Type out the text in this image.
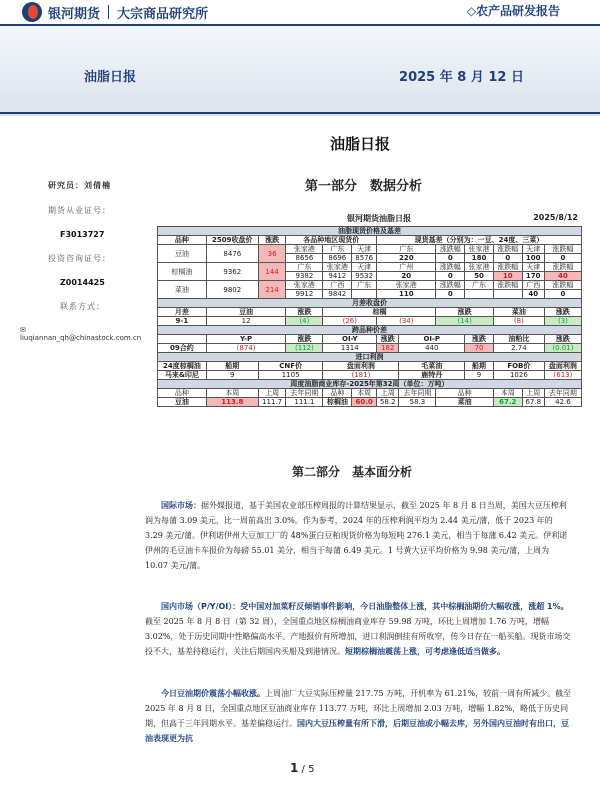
银河期货 大宗商品研究所	◇农产品研发报告
油脂日报	2025 年 8 月 12 日
油脂日报
第一部分　数据分析
研究员：刘倩楠
期货从业证号：
F3013727
投资咨询证号：
Z0014425
联系方式：
✉ liuqiannan_qh@chinastock.com.cn
银河期货油脂日报	2025/8/12
油脂现货价格及基差												
品种	2509收盘价	涨跌	各品种地区现货价			现货基差（分别为：一豆、24度、三菜）						
豆油	8476	36	张家港	广东	天津	广东		涨跌幅	张家港	涨跌幅	天津	涨跌幅
			8656	8696	8576	220		0	180	0	100	0
棕榈油	9362	144	广东	张家港	天津	广州		涨跌幅	张家港	涨跌幅	天津	涨跌幅
			9382	9412	9532	20		0	50	10	170	40
菜油	9802	214	张家港	广西	广东	张家港		涨跌幅	广东	涨跌幅	广西	涨跌幅
			9912	9842		110		0			40	0
月差收盘价												
月差	豆油		涨跌	棕榈				涨跌		菜油		涨跌
9-1	12		(4)	(26)		(34)		(14)		(8)		(3)
跨品种价差												
	Y-P		涨跌	OI-Y		涨跌	OI-P		涨跌	油粕比		涨跌
09合约	(874)		(112)	1314		182	440		70	2.74		(0.01)
进口利润												
24度棕榈油	船期	CNF价		盘面利润			毛菜油		船期	FOB价		盘面利润
马来&印尼	9	1105		(181)			鹿特丹		9	1026		(613)
周度油脂商业库存-2025年第32周（单位：万吨）												
品种	本周	上周	去年同期	品种	本周	上周	去年同期	品种		本周	上周	去年同期
豆油	113.8	111.7	111.1	棕榈油	60.0	58.2	58.3	菜油		67.2	67.8	42.6
第二部分　基本面分析
国际市场：据外媒报道，基于美国农业部压榨周报的计算结果显示，截至 2025 年 8 月 8 日当周，美国大豆压榨利润为每蒲 3.09 美元，比一周前高出 3.0%。作为参考，2024 年的压榨利润平均为 2.44 美元/蒲，低于 2023 年的 3.29 美元/蒲。伊利诺伊州大豆加工厂的 48%蛋白豆粕现货价格为每短吨 276.1 美元，相当于每蒲 6.42 美元。伊利诺伊州的毛豆油卡车报价为每磅 55.01 美分，相当于每蒲 6.49 美元。1 号黄大豆平均价格为 9.98 美元/蒲，上周为 10.07 美元/蒲。
国内市场（P/Y/OI）：受中国对加菜籽反倾销事件影响，今日油脂整体上涨，其中棕榈油期价大幅收涨，涨超 1%。截至 2025 年 8 月 8 日（第 32 周），全国重点地区棕榈油商业库存 59.98 万吨，环比上周增加 1.76 万吨，增幅 3.02%，处于历史同期中性略偏高水平。产地报价有所增加，进口利润倒挂有所收窄，传今日存在一船买船。现货市场交投不大，基差持稳运行，关注后期国内买船及到港情况。短期棕榈油震荡上涨，可考虑逢低适当做多。
今日豆油期价震荡小幅收涨。上周油厂大豆实际压榨量 217.75 万吨，开机率为 61.21%，较前一周有所减少。截至 2025 年 8 月 8 日，全国重点地区豆油商业库存 113.77 万吨，环比上周增加 2.03 万吨，增幅 1.82%，略低于历史同期，但高于三年同期水平。基差偏稳运行。国内大豆压榨量有所下滑，后期豆油或小幅去库，另外国内豆油时有出口，豆油表现更为抗
1 / 5
